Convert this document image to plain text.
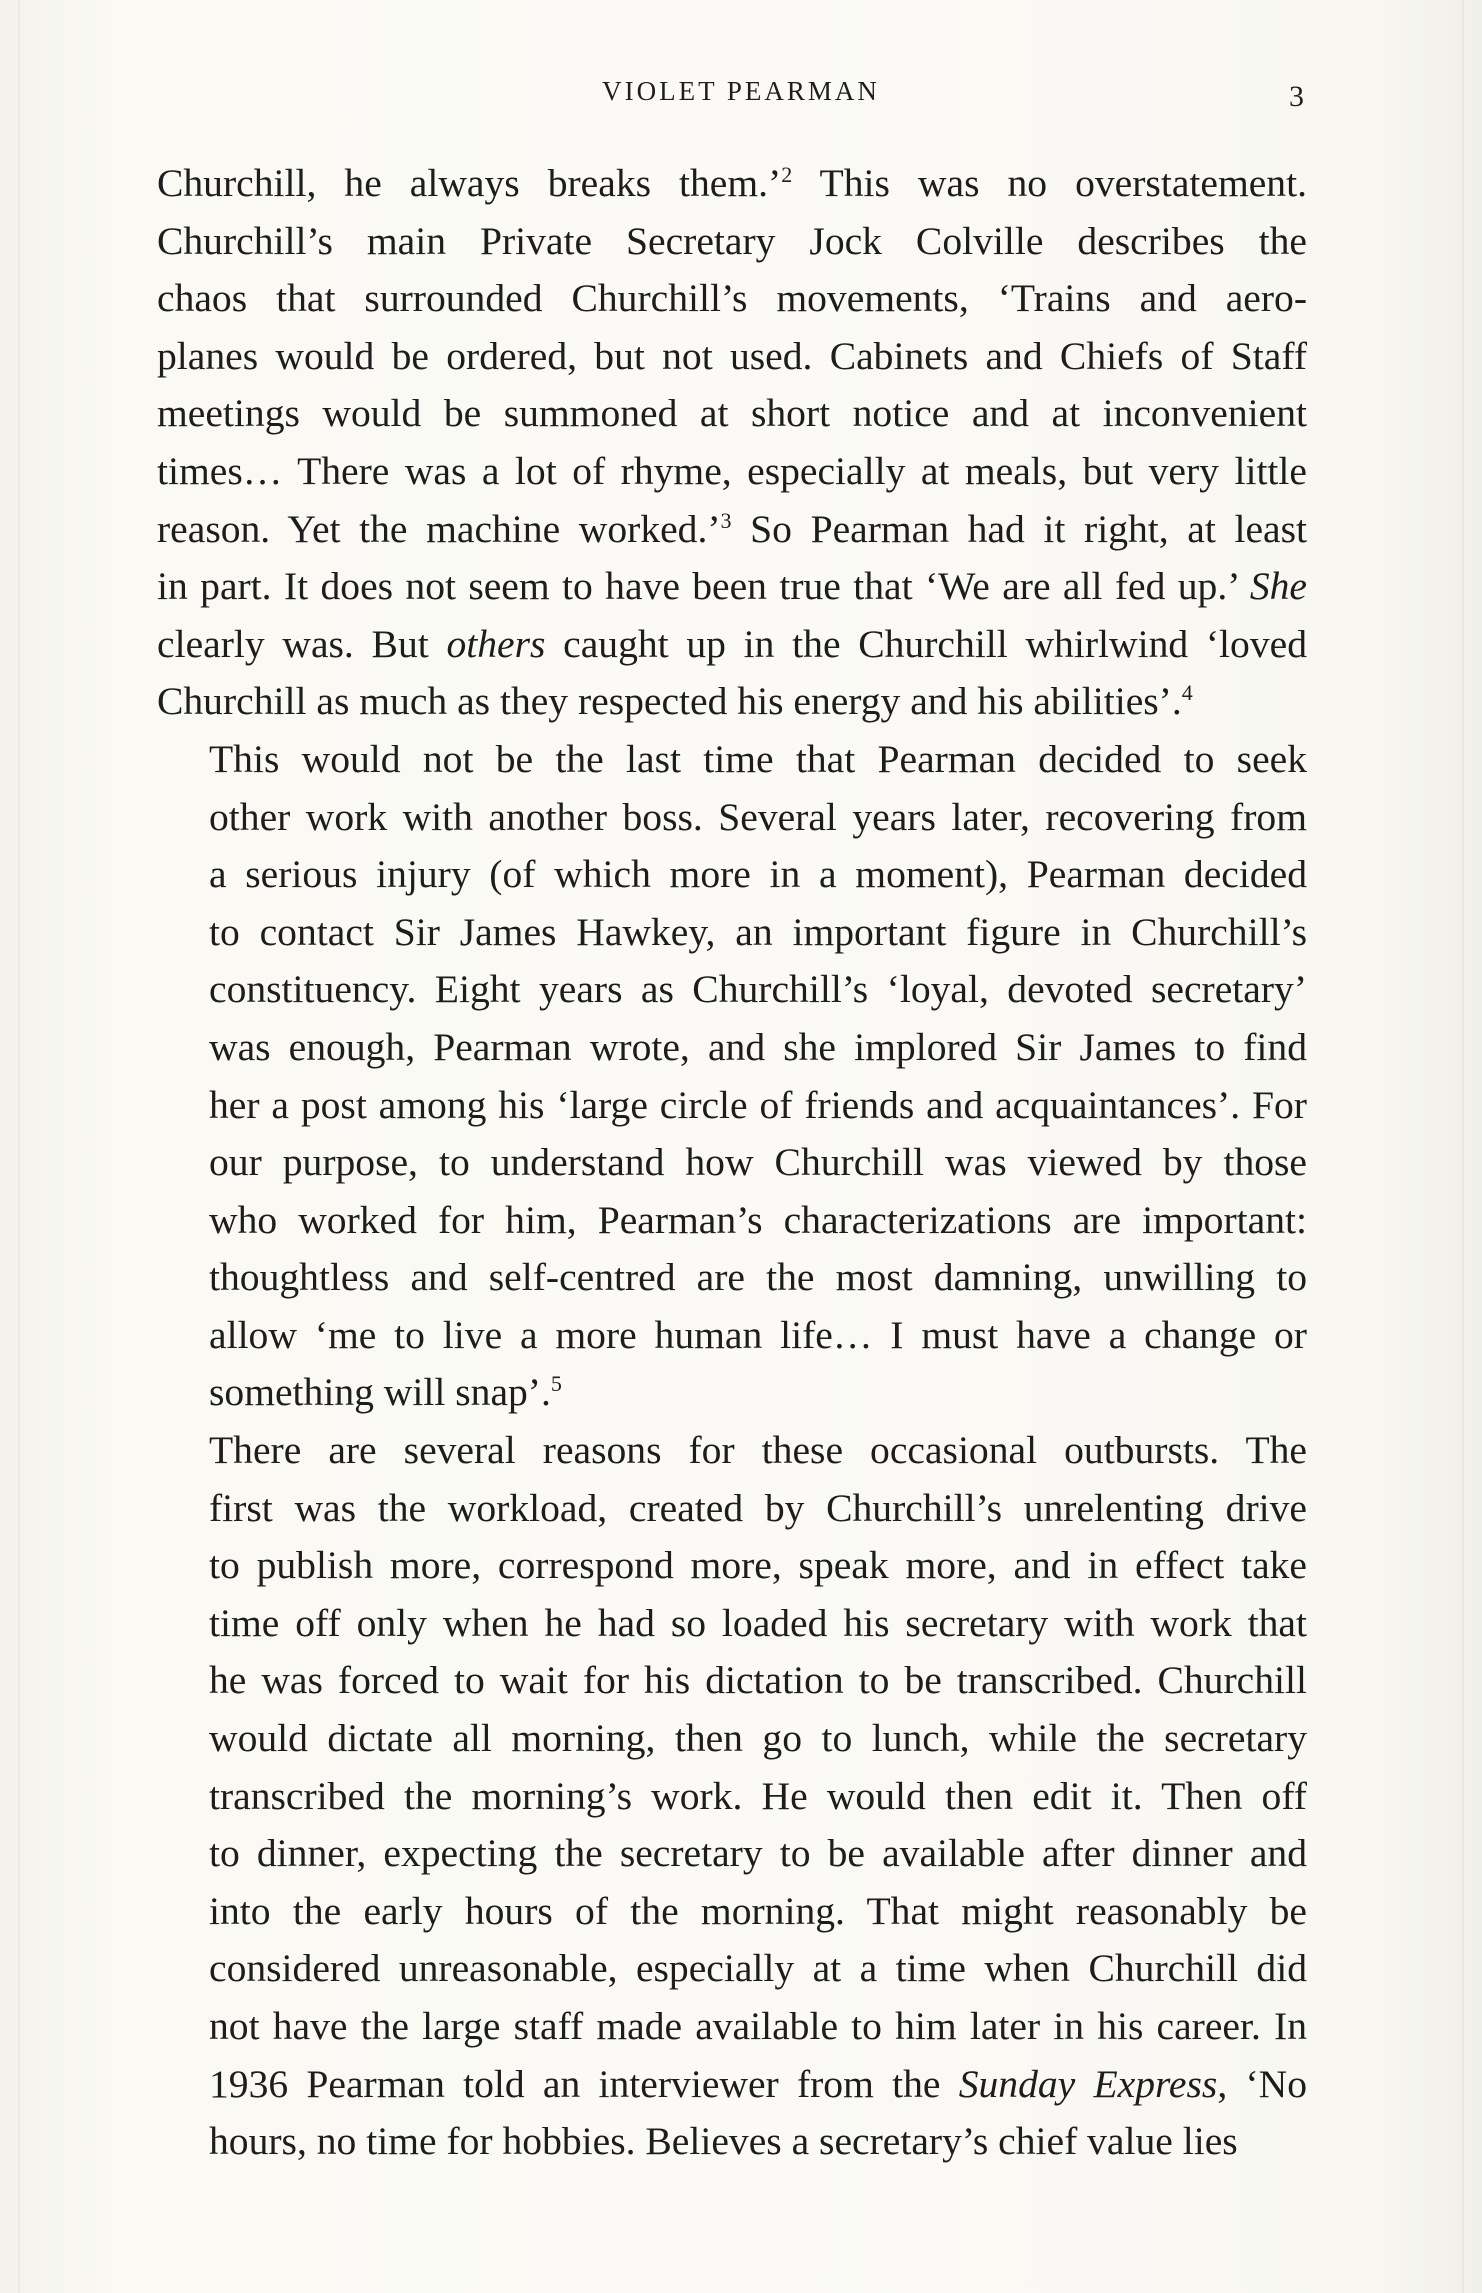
VIOLET PEARMAN	3
Churchill, he always breaks them.’$^2$ This was no overstatement.
Churchill’s main Private Secretary Jock Colville describes the
chaos that surrounded Churchill’s movements, ‘Trains and aero-
planes would be ordered, but not used. Cabinets and Chiefs of Staff
meetings would be summoned at short notice and at inconvenient
times… There was a lot of rhyme, especially at meals, but very little
reason. Yet the machine worked.’$^3$ So Pearman had it right, at least
in part. It does not seem to have been true that ‘We are all fed up.’ She
clearly was. But others caught up in the Churchill whirlwind ‘loved
Churchill as much as they respected his energy and his abilities’.$^4$
This would not be the last time that Pearman decided to seek
other work with another boss. Several years later, recovering from
a serious injury (of which more in a moment), Pearman decided
to contact Sir James Hawkey, an important figure in Churchill’s
constituency. Eight years as Churchill’s ‘loyal, devoted secretary’
was enough, Pearman wrote, and she implored Sir James to find
her a post among his ‘large circle of friends and acquaintances’. For
our purpose, to understand how Churchill was viewed by those
who worked for him, Pearman’s characterizations are important:
thoughtless and self-centred are the most damning, unwilling to
allow ‘me to live a more human life… I must have a change or
something will snap’.$^5$
There are several reasons for these occasional outbursts. The
first was the workload, created by Churchill’s unrelenting drive
to publish more, correspond more, speak more, and in effect take
time off only when he had so loaded his secretary with work that
he was forced to wait for his dictation to be transcribed. Churchill
would dictate all morning, then go to lunch, while the secretary
transcribed the morning’s work. He would then edit it. Then off
to dinner, expecting the secretary to be available after dinner and
into the early hours of the morning. That might reasonably be
considered unreasonable, especially at a time when Churchill did
not have the large staff made available to him later in his career. In
1936 Pearman told an interviewer from the Sunday Express, ‘No
hours, no time for hobbies. Believes a secretary’s chief value lies
